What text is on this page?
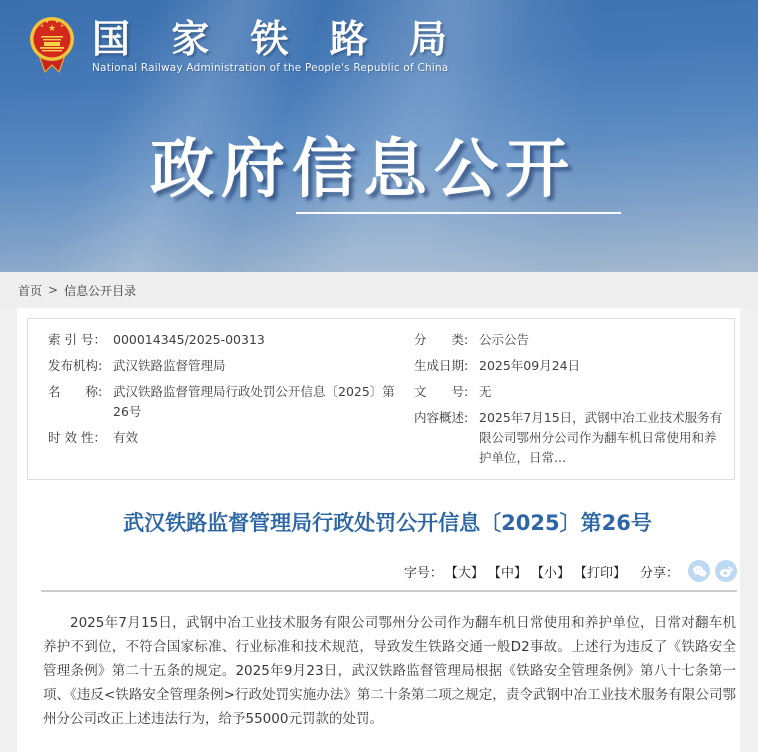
★
★
★ ★
★ 国 家 铁 路 局
National Railway Administration of the People's Republic of China
政府信息公开
首页 > 信息公开目录
索 引 号： 000014345/2025-00313
发布机构: 武汉铁路监督管理局
名　　称: 武汉铁路监督管理局行政处罚公开信息〔2025〕第26号
时 效 性： 有效
分　　类: 公示公告
生成日期: 2025年09月24日
文　　号: 无
内容概述: 2025年7月15日，武钢中冶工业技术服务有限公司鄂州分公司作为翻车机日常使用和养护单位，日常...
武汉铁路监督管理局行政处罚公开信息〔2025〕第26号
字号： 【大】 【中】 【小】 【打印】 分享：

2025年7月15日，武钢中冶工业技术服务有限公司鄂州分公司作为翻车机日常使用和养护单位，日常对翻车机养护不到位，不符合国家标准、行业标准和技术规范，导致发生铁路交通一般D2事故。上述行为违反了《铁路安全管理条例》第二十五条的规定。2025年9月23日，武汉铁路监督管理局根据《铁路安全管理条例》第八十七条第一项、《违反<铁路安全管理条例>行政处罚实施办法》第二十条第二项之规定，责令武钢中冶工业技术服务有限公司鄂州分公司改正上述违法行为，给予55000元罚款的处罚。
